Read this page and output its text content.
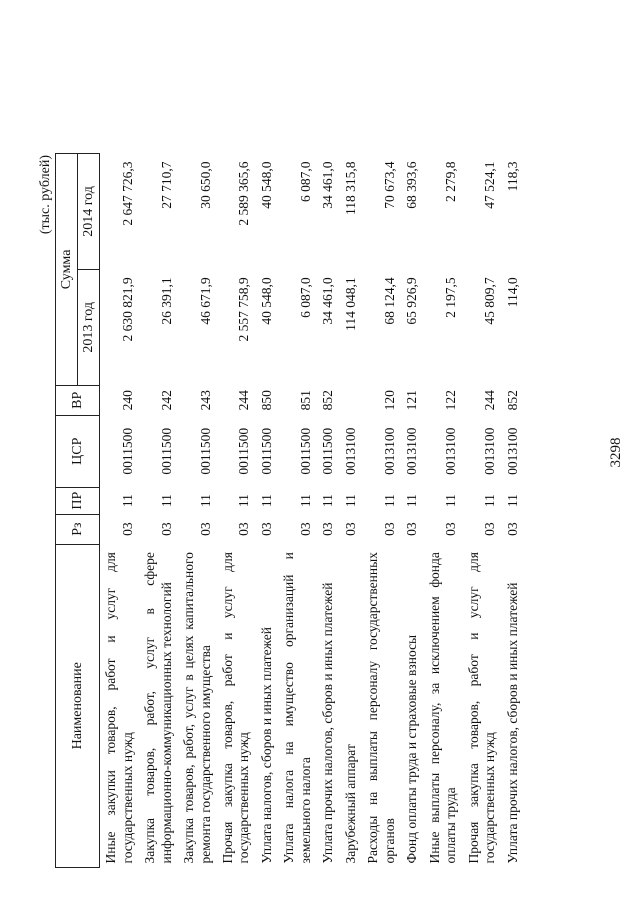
3298
(тыс. рублей)
Наименование	Рз	ПР	ЦСР	ВР	Сумма	
					2013 год	2014 год
Иные закупки товаров, работ и услуг для государственных нужд	03	11	0011500	240	2 630 821,9	2 647 726,3
Закупка товаров, работ, услуг в сфере информационно-коммуникационных технологий	03	11	0011500	242	26 391,1	27 710,7
Закупка товаров, работ, услуг в целях капитального ремонта государственного имущества	03	11	0011500	243	46 671,9	30 650,0
Прочая закупка товаров, работ и услуг для государственных нужд	03	11	0011500	244	2 557 758,9	2 589 365,6
Уплата налогов, сборов и иных платежей	03	11	0011500	850	40 548,0	40 548,0
Уплата налога на имущество организаций и земельного налога	03	11	0011500	851	6 087,0	6 087,0
Уплата прочих налогов, сборов и иных платежей	03	11	0011500	852	34 461,0	34 461,0
Зарубежный аппарат	03	11	0013100		114 048,1	118 315,8
Расходы на выплаты персоналу государственных органов	03	11	0013100	120	68 124,4	70 673,4
Фонд оплаты труда и страховые взносы	03	11	0013100	121	65 926,9	68 393,6
Иные выплаты персоналу, за исключением фонда оплаты труда	03	11	0013100	122	2 197,5	2 279,8
Прочая закупка товаров, работ и услуг для государственных нужд	03	11	0013100	244	45 809,7	47 524,1
Уплата прочих налогов, сборов и иных платежей	03	11	0013100	852	114,0	118,3
